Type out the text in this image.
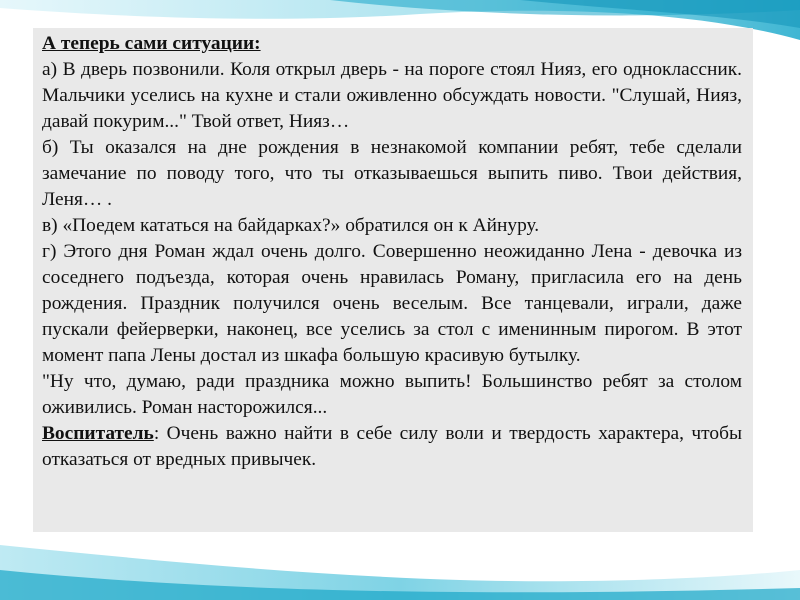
А теперь сами ситуации:

а) В дверь позвонили. Коля открыл дверь - на пороге стоял Нияз, его одноклассник. Мальчики уселись на кухне и стали оживленно обсуждать новости. "Слушай, Нияз, давай покурим..." Твой ответ, Нияз…

б) Ты оказался на дне рождения в незнакомой компании ребят, тебе сделали замечание по поводу того, что ты отказываешься выпить пиво. Твои действия, Леня… .

в) «Поедем кататься на байдарках?» обратился он к Айнуру.

г) Этого дня Роман ждал очень долго. Совершенно неожиданно Лена - девочка из соседнего подъезда, которая очень нравилась Роману, пригласила его на день рождения. Праздник получился очень веселым. Все танцевали, играли, даже пускали фейерверки, наконец, все уселись за стол с именинным пирогом. В этот момент папа Лены достал из шкафа большую красивую бутылку.

"Ну что, думаю, ради праздника можно выпить! Большинство ребят за столом оживились. Роман насторожился...

Воспитатель: Очень важно найти в себе силу воли и твердость характера, чтобы отказаться от вредных привычек.
